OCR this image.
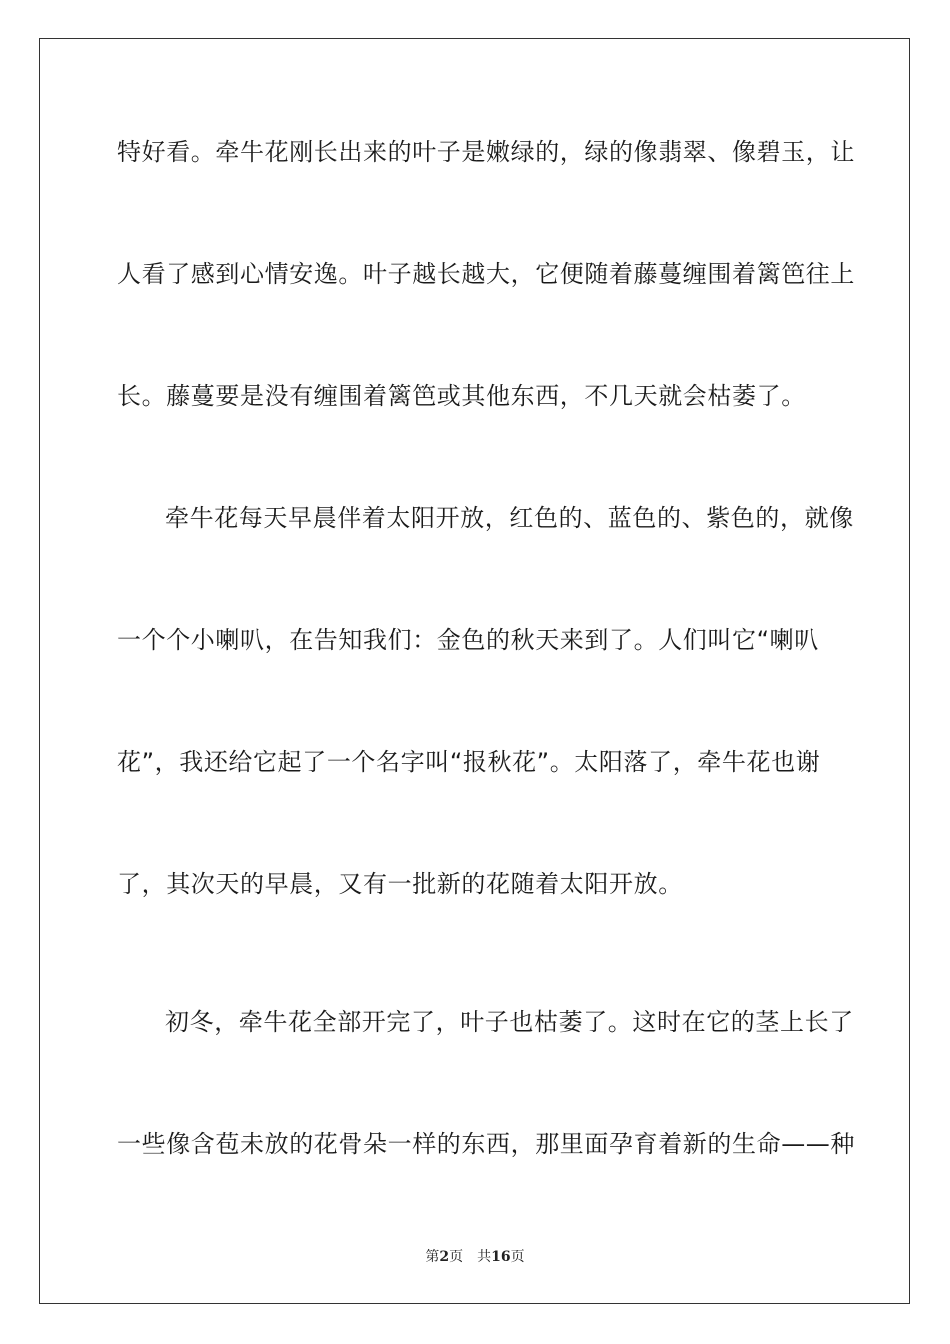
特好看。牵牛花刚长出来的叶子是嫩绿的，绿的像翡翠、像碧玉，让
人看了感到心情安逸。叶子越长越大，它便随着藤蔓缠围着篱笆往上
长。藤蔓要是没有缠围着篱笆或其他东西，不几天就会枯萎了。
牵牛花每天早晨伴着太阳开放，红色的、蓝色的、紫色的，就像
一个个小喇叭，在告知我们：金色的秋天来到了。人们叫它“喇叭
花”，我还给它起了一个名字叫“报秋花”。太阳落了，牵牛花也谢
了，其次天的早晨，又有一批新的花随着太阳开放。
初冬，牵牛花全部开完了，叶子也枯萎了。这时在它的茎上长了
一些像含苞未放的花骨朵一样的东西，那里面孕育着新的生命——种
第2页 共16页
